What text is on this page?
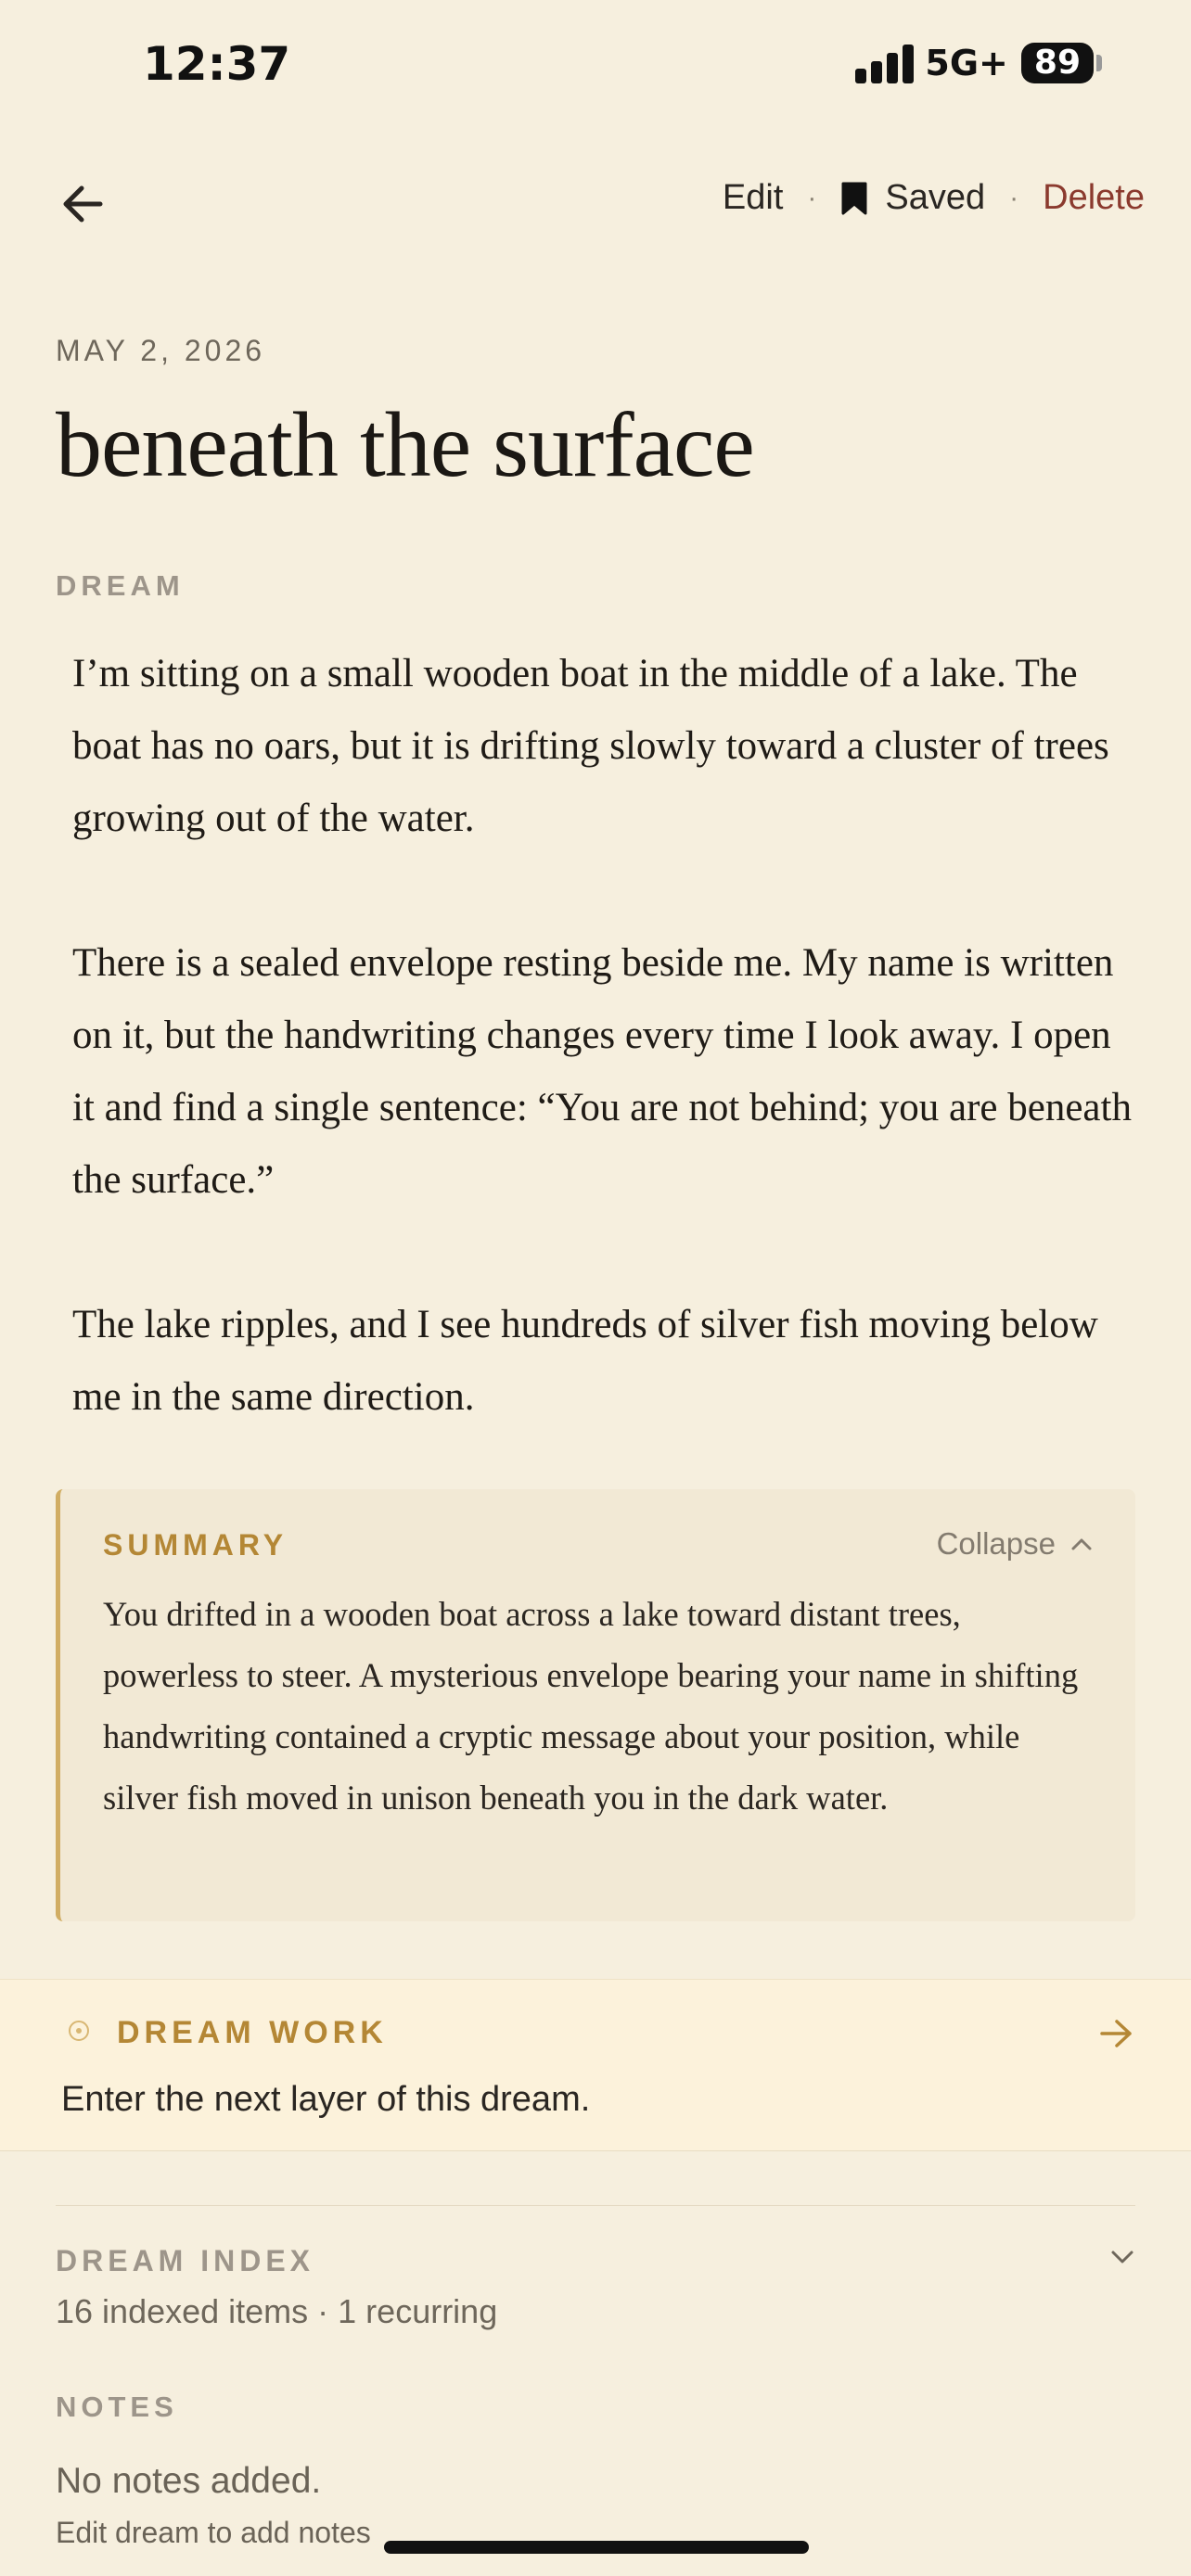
12:37	5G+ 89
Edit · Saved · Delete
MAY 2, 2026
beneath the surface
DREAM

I’m sitting on a small wooden boat in the middle of a lake. The boat has no oars, but it is drifting slowly toward a cluster of trees growing out of the water.

There is a sealed envelope resting beside me. My name is written on it, but the handwriting changes every time I look away. I open it and find a single sentence: “You are not behind; you are beneath the surface.”

The lake ripples, and I see hundreds of silver fish moving below me in the same direction.

SUMMARY	Collapse
You drifted in a wooden boat across a lake toward distant trees, powerless to steer. A mysterious envelope bearing your name in shifting handwriting contained a cryptic message about your position, while silver fish moved in unison beneath you in the dark water.
DREAM WORK
Enter the next layer of this dream.
DREAM INDEX
16 indexed items · 1 recurring
NOTES
No notes added.
Edit dream to add notes
